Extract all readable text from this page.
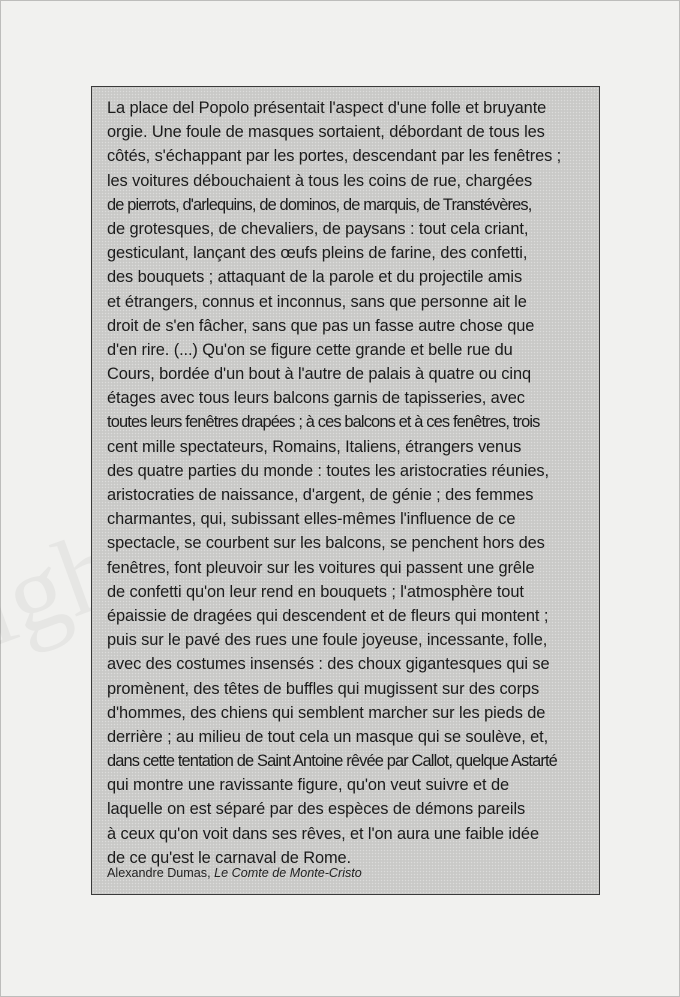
La place del Popolo présentait l'aspect d'une folle et bruyante
orgie. Une foule de masques sortaient, débordant de tous les
côtés, s'échappant par les portes, descendant par les fenêtres ;
les voitures débouchaient à tous les coins de rue, chargées
de pierrots, d'arlequins, de dominos, de marquis, de Transtévères,
de grotesques, de chevaliers, de paysans : tout cela criant,
gesticulant, lançant des œufs pleins de farine, des confetti,
des bouquets ; attaquant de la parole et du projectile amis
et étrangers, connus et inconnus, sans que personne ait le
droit de s'en fâcher, sans que pas un fasse autre chose que
d'en rire. (...) Qu'on se figure cette grande et belle rue du
Cours, bordée d'un bout à l'autre de palais à quatre ou cinq
étages avec tous leurs balcons garnis de tapisseries, avec
toutes leurs fenêtres drapées ; à ces balcons et à ces fenêtres, trois
cent mille spectateurs, Romains, Italiens, étrangers venus
des quatre parties du monde : toutes les aristocraties réunies,
aristocraties de naissance, d'argent, de génie ; des femmes
charmantes, qui, subissant elles-mêmes l'influence de ce
spectacle, se courbent sur les balcons, se penchent hors des
fenêtres, font pleuvoir sur les voitures qui passent une grêle
de confetti qu'on leur rend en bouquets ; l'atmosphère tout
épaissie de dragées qui descendent et de fleurs qui montent ;
puis sur le pavé des rues une foule joyeuse, incessante, folle,
avec des costumes insensés : des choux gigantesques qui se
promènent, des têtes de buffles qui mugissent sur des corps
d'hommes, des chiens qui semblent marcher sur les pieds de
derrière ; au milieu de tout cela un masque qui se soulève, et,
dans cette tentation de Saint Antoine rêvée par Callot, quelque Astarté
qui montre une ravissante figure, qu'on veut suivre et de
laquelle on est séparé par des espèces de démons pareils
à ceux qu'on voit dans ses rêves, et l'on aura une faible idée
de ce qu'est le carnaval de Rome.
Alexandre Dumas, Le Comte de Monte-Cristo
